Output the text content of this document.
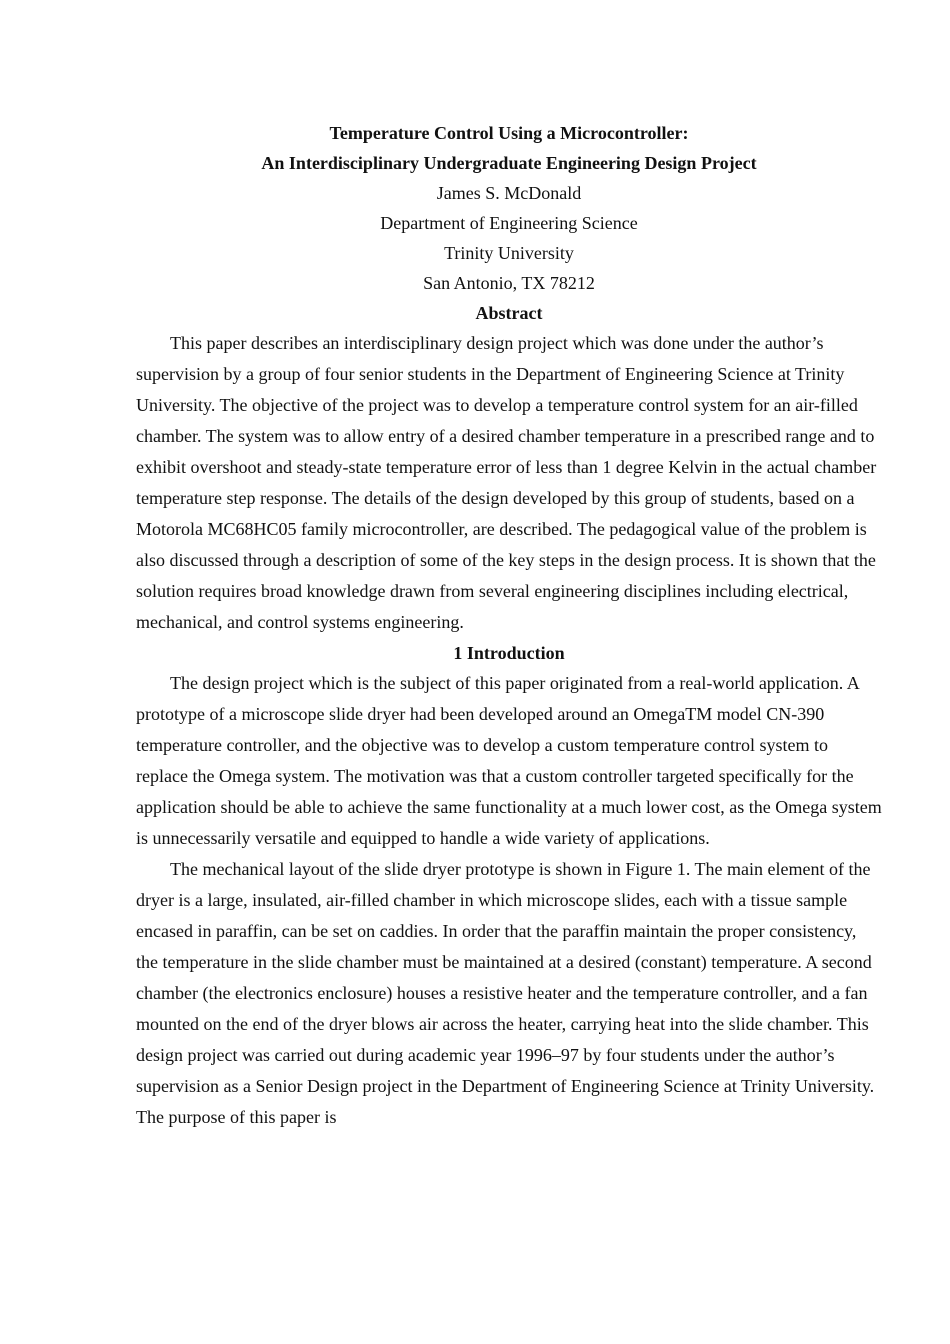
Temperature Control Using a Microcontroller:
An Interdisciplinary Undergraduate Engineering Design Project
James S. McDonald
Department of Engineering Science
Trinity University
San Antonio, TX 78212
Abstract

This paper describes an interdisciplinary design project which was done under the author’s supervision by a group of four senior students in the Department of Engineering Science at Trinity University. The objective of the project was to develop a temperature control system for an air-filled chamber. The system was to allow entry of a desired chamber temperature in a prescribed range and to exhibit overshoot and steady-state temperature error of less than 1 degree Kelvin in the actual chamber temperature step response. The details of the design developed by this group of students, based on a Motorola MC68HC05 family microcontroller, are described. The pedagogical value of the problem is also discussed through a description of some of the key steps in the design process. It is shown that the solution requires broad knowledge drawn from several engineering disciplines including electrical, mechanical, and control systems engineering.

1 Introduction

The design project which is the subject of this paper originated from a real-world application. A prototype of a microscope slide dryer had been developed around an OmegaTM model CN-390 temperature controller, and the objective was to develop a custom temperature control system to replace the Omega system. The motivation was that a custom controller targeted specifically for the application should be able to achieve the same functionality at a much lower cost, as the Omega system is unnecessarily versatile and equipped to handle a wide variety of applications.

The mechanical layout of the slide dryer prototype is shown in Figure 1. The main element of the dryer is a large, insulated, air-filled chamber in which microscope slides, each with a tissue sample encased in paraffin, can be set on caddies. In order that the paraffin maintain the proper consistency, the temperature in the slide chamber must be maintained at a desired (constant) temperature. A second chamber (the electronics enclosure) houses a resistive heater and the temperature controller, and a fan mounted on the end of the dryer blows air across the heater, carrying heat into the slide chamber. This design project was carried out during academic year 1996–97 by four students under the author’s supervision as a Senior Design project in the Department of Engineering Science at Trinity University. The purpose of this paper is
